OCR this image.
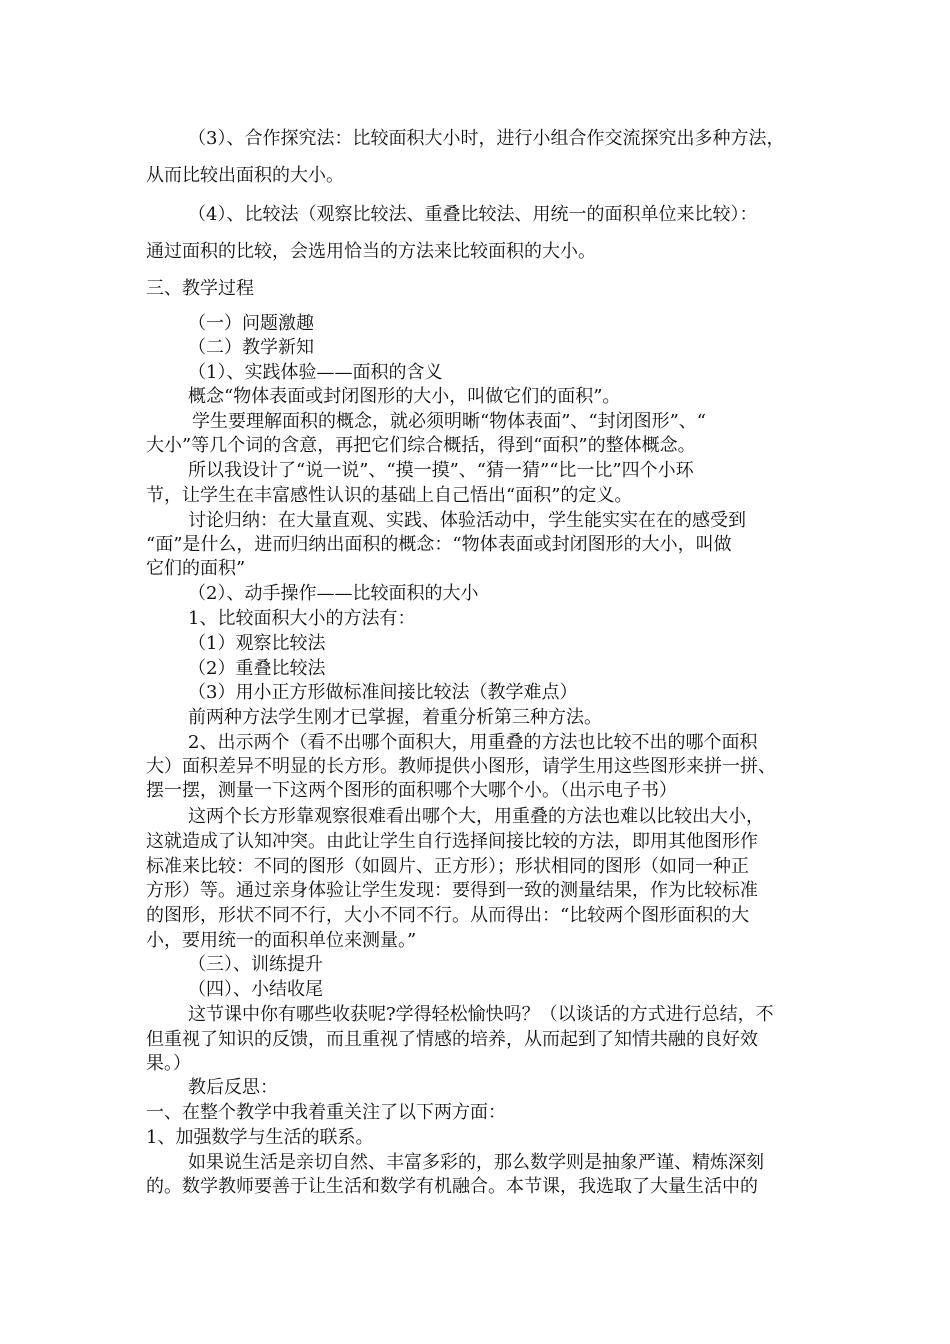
（3）、合作探究法：比较面积大小时，进行小组合作交流探究出多种方法，
从而比较出面积的大小。
（4）、比较法（观察比较法、重叠比较法、用统一的面积单位来比较）：
通过面积的比较，会选用恰当的方法来比较面积的大小。
三、教学过程
（一）问题激趣
（二）教学新知
（1）、实践体验——面积的含义
概念“物体表面或封闭图形的大小，叫做它们的面积”。
学生要理解面积的概念，就必须明晰“物体表面”、“封闭图形”、“
大小”等几个词的含意，再把它们综合概括，得到“面积”的整体概念。
所以我设计了“说一说”、“摸一摸”、“猜一猜”“比一比”四个小环
节，让学生在丰富感性认识的基础上自己悟出“面积”的定义。
讨论归纳：在大量直观、实践、体验活动中，学生能实实在在的感受到
“面”是什么，进而归纳出面积的概念：“物体表面或封闭图形的大小，叫做
它们的面积”
（2）、动手操作——比较面积的大小
1、比较面积大小的方法有：
（1）观察比较法
（2）重叠比较法
（3）用小正方形做标准间接比较法（教学难点）
前两种方法学生刚才已掌握，着重分析第三种方法。
2、出示两个（看不出哪个面积大，用重叠的方法也比较不出的哪个面积
大）面积差异不明显的长方形。教师提供小图形，请学生用这些图形来拼一拼、
摆一摆，测量一下这两个图形的面积哪个大哪个小。（出示电子书）
这两个长方形靠观察很难看出哪个大，用重叠的方法也难以比较出大小，
这就造成了认知冲突。由此让学生自行选择间接比较的方法，即用其他图形作
标准来比较：不同的图形（如圆片、正方形）；形状相同的图形（如同一种正
方形）等。通过亲身体验让学生发现：要得到一致的测量结果，作为比较标准
的图形，形状不同不行，大小不同不行。从而得出：“比较两个图形面积的大
小，要用统一的面积单位来测量。”
（三）、训练提升
（四）、小结收尾
这节课中你有哪些收获呢?学得轻松愉快吗？（以谈话的方式进行总结，不
但重视了知识的反馈，而且重视了情感的培养，从而起到了知情共融的良好效
果。）
教后反思：
一、在整个教学中我着重关注了以下两方面：
1、加强数学与生活的联系。
如果说生活是亲切自然、丰富多彩的，那么数学则是抽象严谨、精炼深刻
的。数学教师要善于让生活和数学有机融合。本节课，我选取了大量生活中的
